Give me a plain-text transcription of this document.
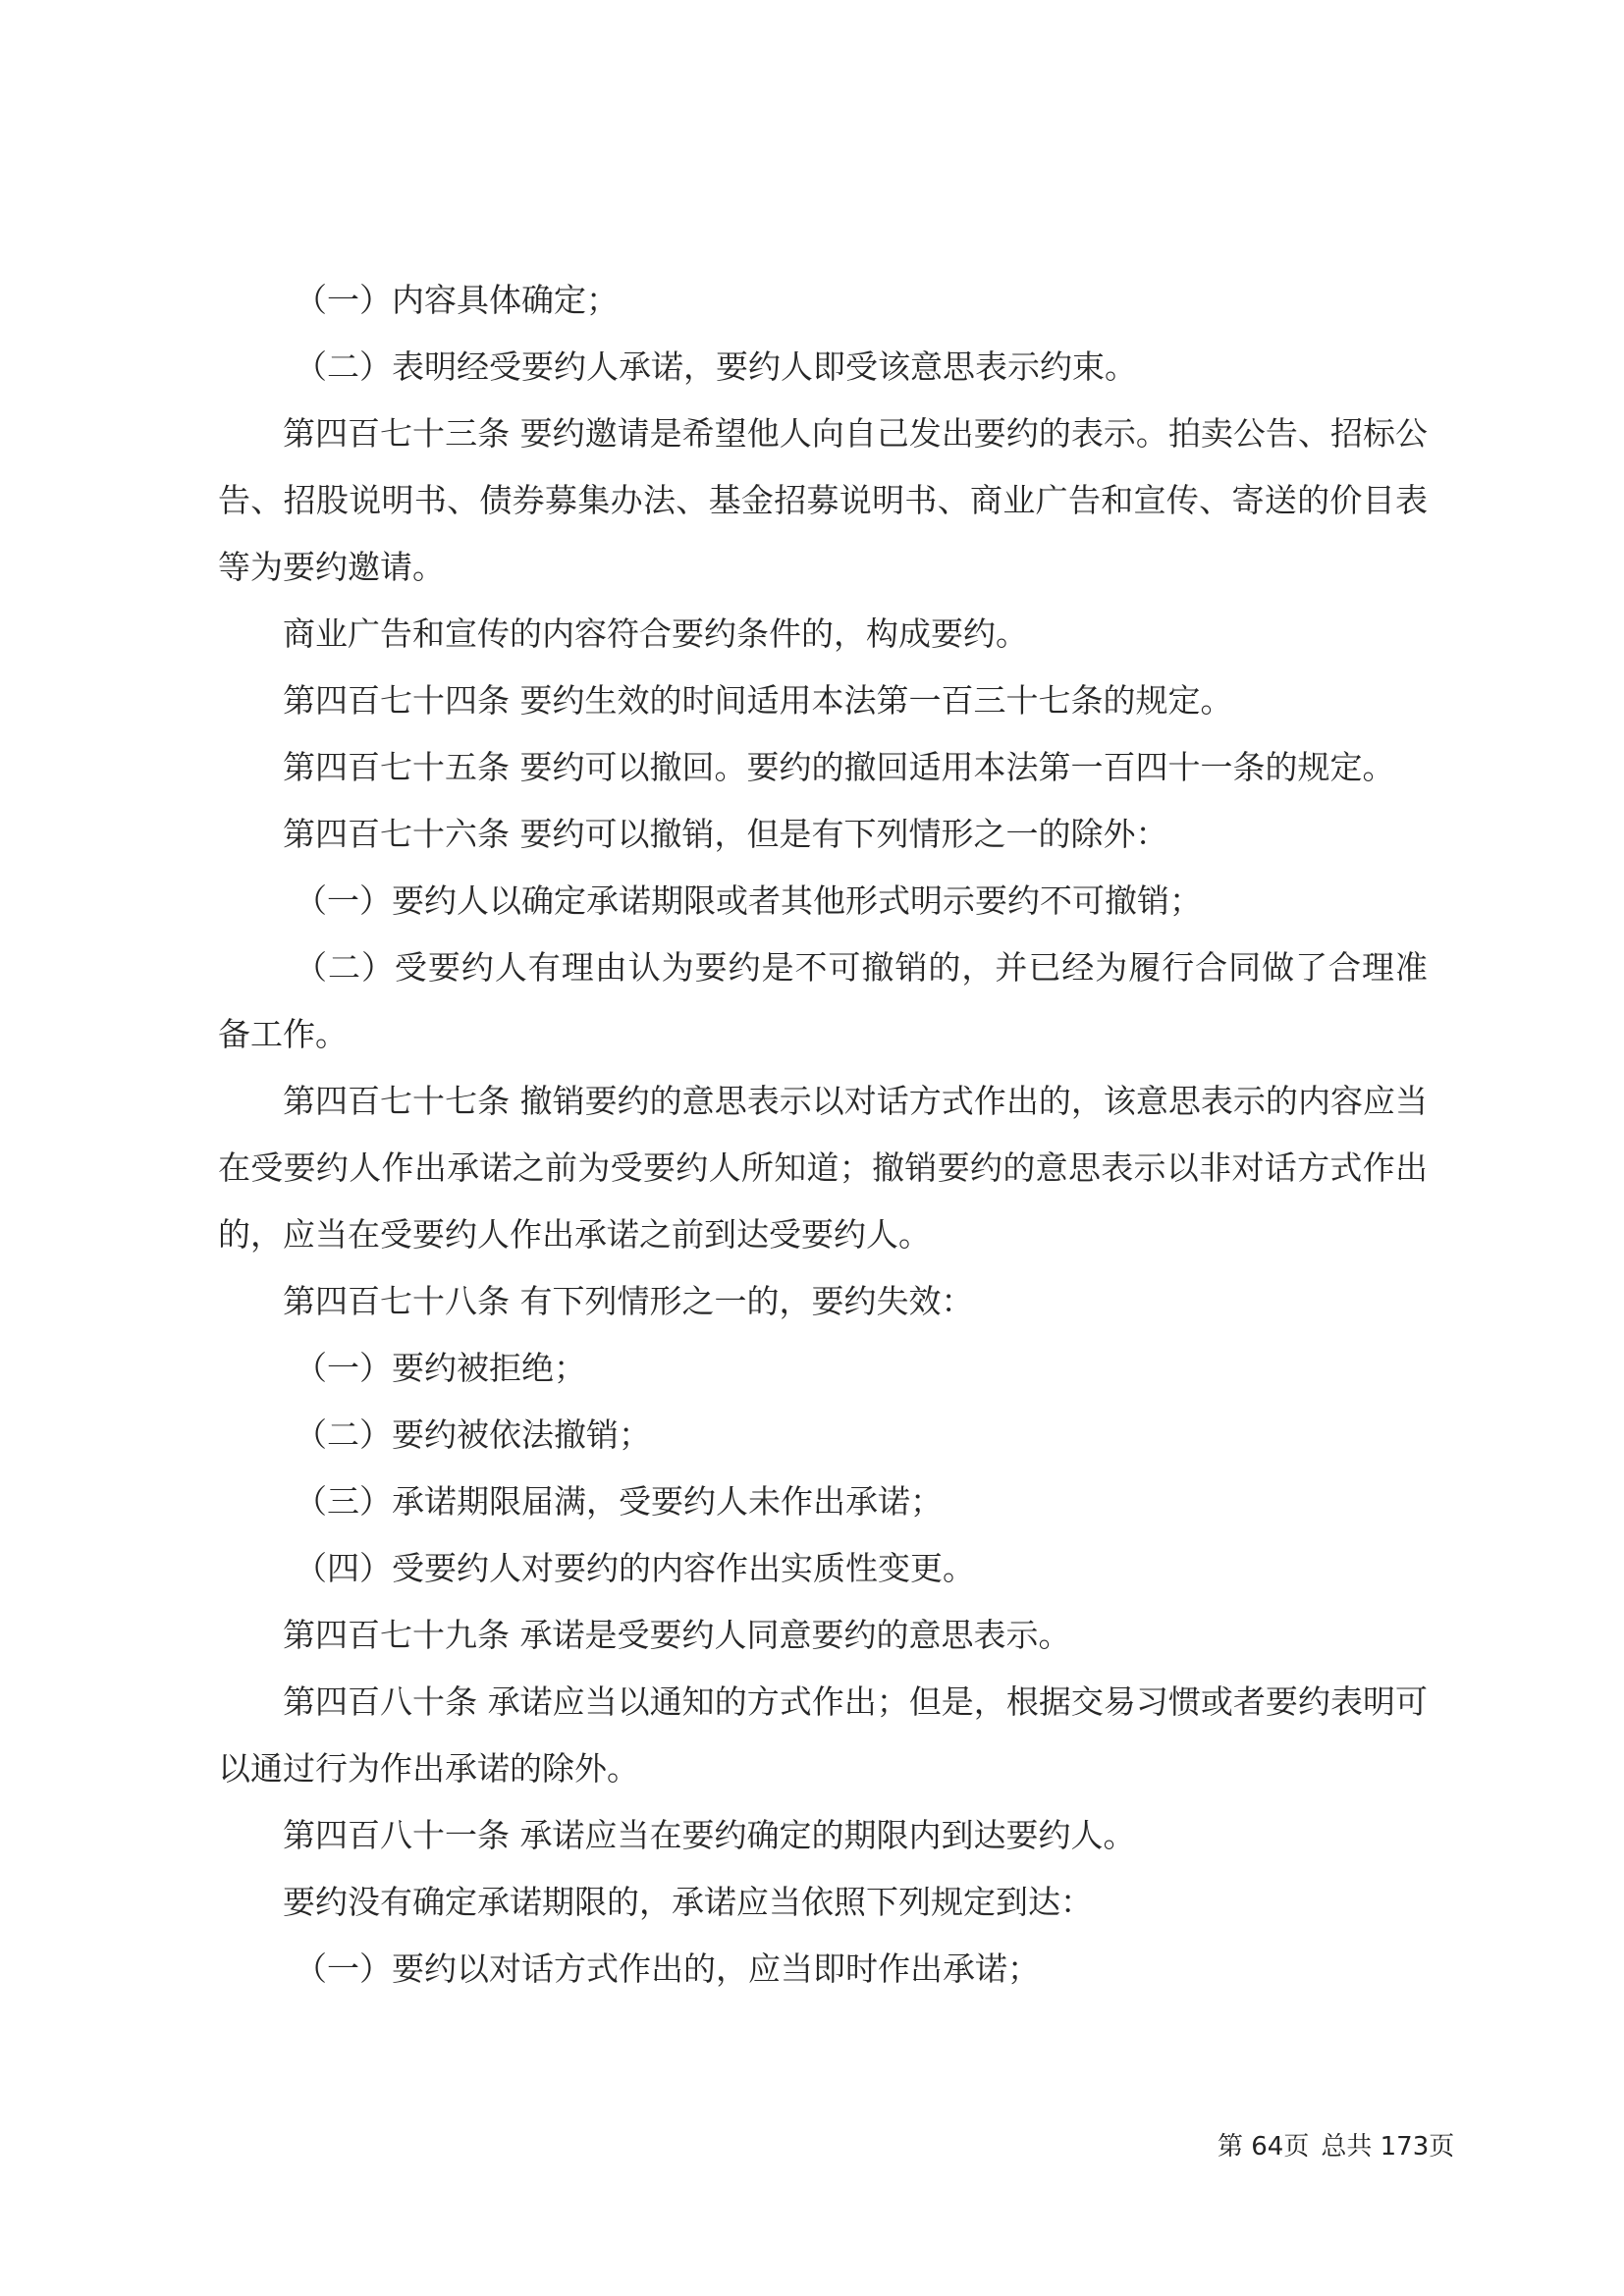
（一）内容具体确定；

（二）表明经受要约人承诺，要约人即受该意思表示约束。

第四百七十三条 要约邀请是希望他人向自己发出要约的表示。拍卖公告、招标公告、招股说明书、债券募集办法、基金招募说明书、商业广告和宣传、寄送的价目表等为要约邀请。

商业广告和宣传的内容符合要约条件的，构成要约。

第四百七十四条 要约生效的时间适用本法第一百三十七条的规定。

第四百七十五条 要约可以撤回。要约的撤回适用本法第一百四十一条的规定。

第四百七十六条 要约可以撤销，但是有下列情形之一的除外：

（一）要约人以确定承诺期限或者其他形式明示要约不可撤销；

（二）受要约人有理由认为要约是不可撤销的，并已经为履行合同做了合理准备工作。

第四百七十七条 撤销要约的意思表示以对话方式作出的，该意思表示的内容应当在受要约人作出承诺之前为受要约人所知道；撤销要约的意思表示以非对话方式作出的，应当在受要约人作出承诺之前到达受要约人。

第四百七十八条 有下列情形之一的，要约失效：

（一）要约被拒绝；

（二）要约被依法撤销；

（三）承诺期限届满，受要约人未作出承诺；

（四）受要约人对要约的内容作出实质性变更。

第四百七十九条 承诺是受要约人同意要约的意思表示。

第四百八十条 承诺应当以通知的方式作出；但是，根据交易习惯或者要约表明可以通过行为作出承诺的除外。

第四百八十一条 承诺应当在要约确定的期限内到达要约人。

要约没有确定承诺期限的，承诺应当依照下列规定到达：

（一）要约以对话方式作出的，应当即时作出承诺；

第 64页 总共 173页
